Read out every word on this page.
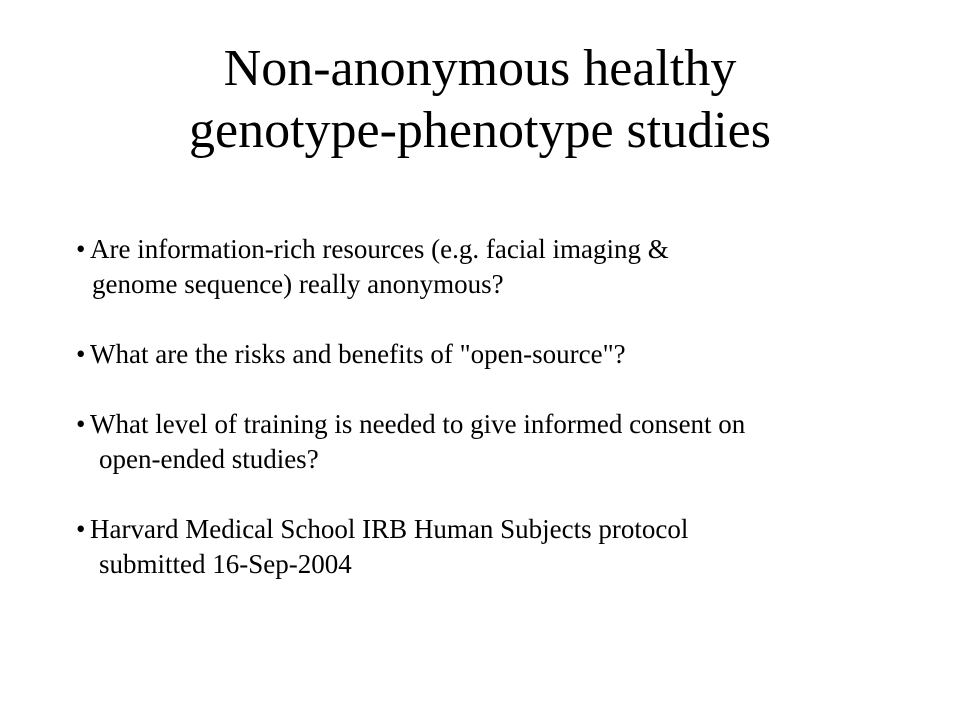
Non-anonymous healthy
genotype-phenotype studies
• Are information-rich resources (e.g. facial imaging &
genome sequence) really anonymous?
• What are the risks and benefits of "open-source"?
• What level of training is needed to give informed consent on
open-ended studies?
• Harvard Medical School IRB Human Subjects protocol
submitted 16-Sep-2004
